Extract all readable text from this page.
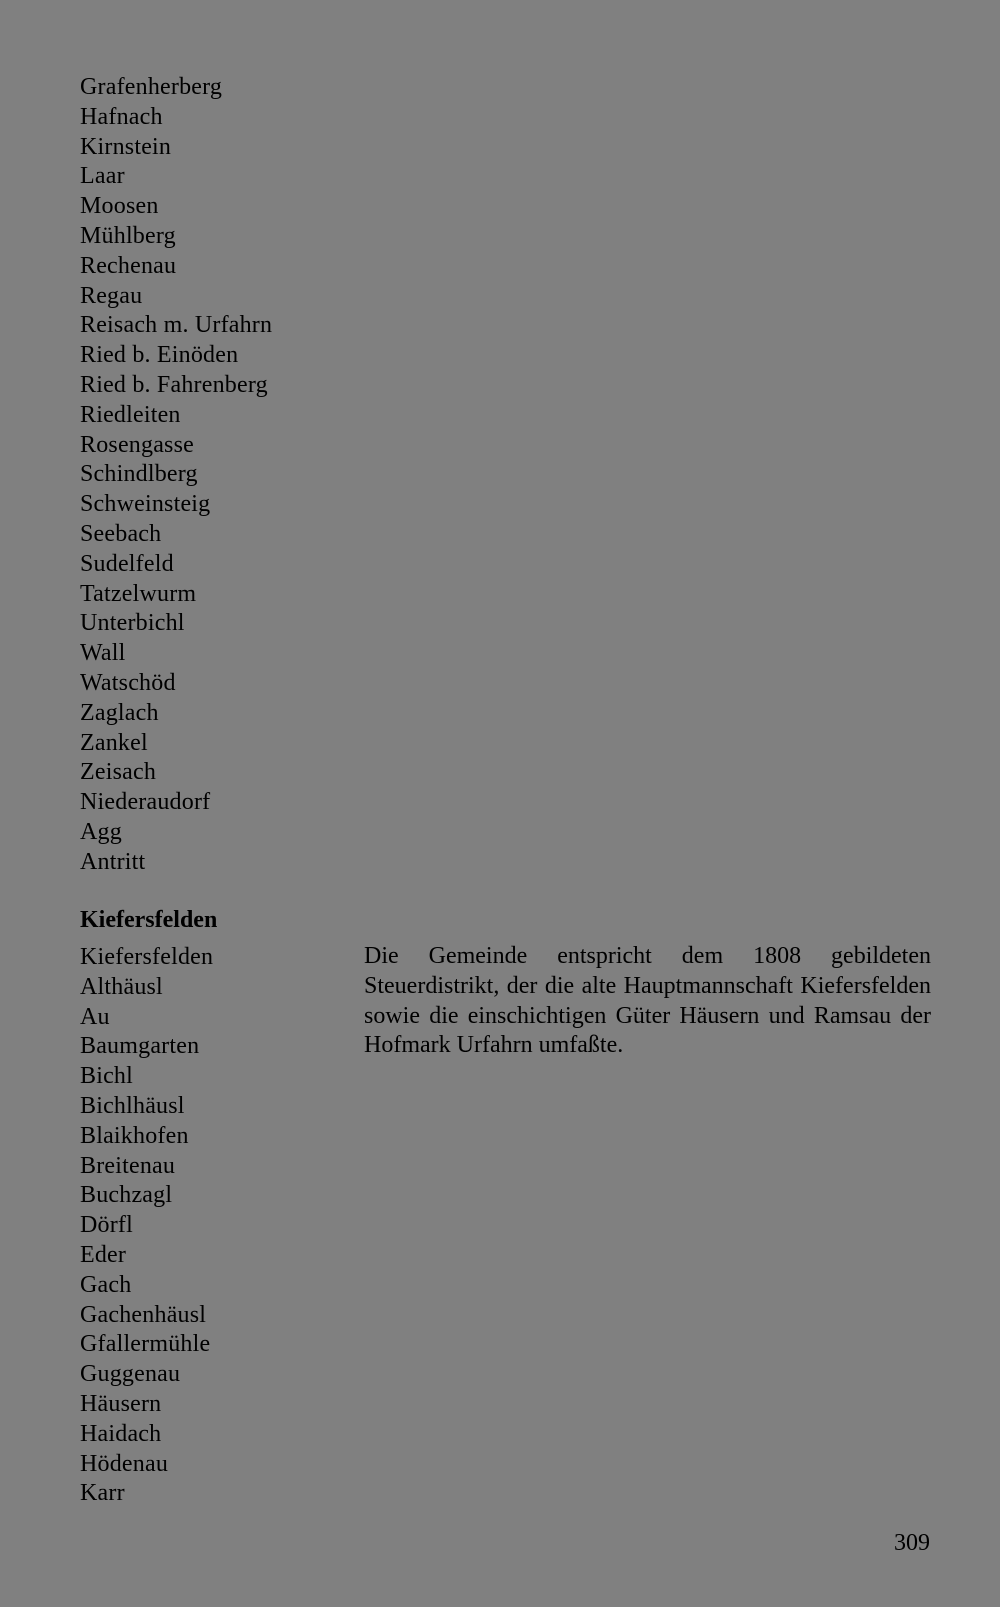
Grafenherberg
Hafnach
Kirnstein
Laar
Moosen
Mühlberg
Rechenau
Regau
Reisach m. Urfahrn
Ried b. Einöden
Ried b. Fahrenberg
Riedleiten
Rosengasse
Schindlberg
Schweinsteig
Seebach
Sudelfeld
Tatzelwurm
Unterbichl
Wall
Watschöd
Zaglach
Zankel
Zeisach
Niederaudorf
Agg
Antritt
Kiefersfelden
Kiefersfelden
Althäusl
Au
Baumgarten
Bichl
Bichlhäusl
Blaikhofen
Breitenau
Buchzagl
Dörfl
Eder
Gach
Gachenhäusl
Gfallermühle
Guggenau
Häusern
Haidach
Hödenau
Karr

Die Gemeinde entspricht dem 1808 gebildeten Steuerdistrikt, der die alte Hauptmannschaft Kiefersfelden sowie die einschichtigen Güter Häusern und Ramsau der Hofmark Urfahrn umfaßte.

309
